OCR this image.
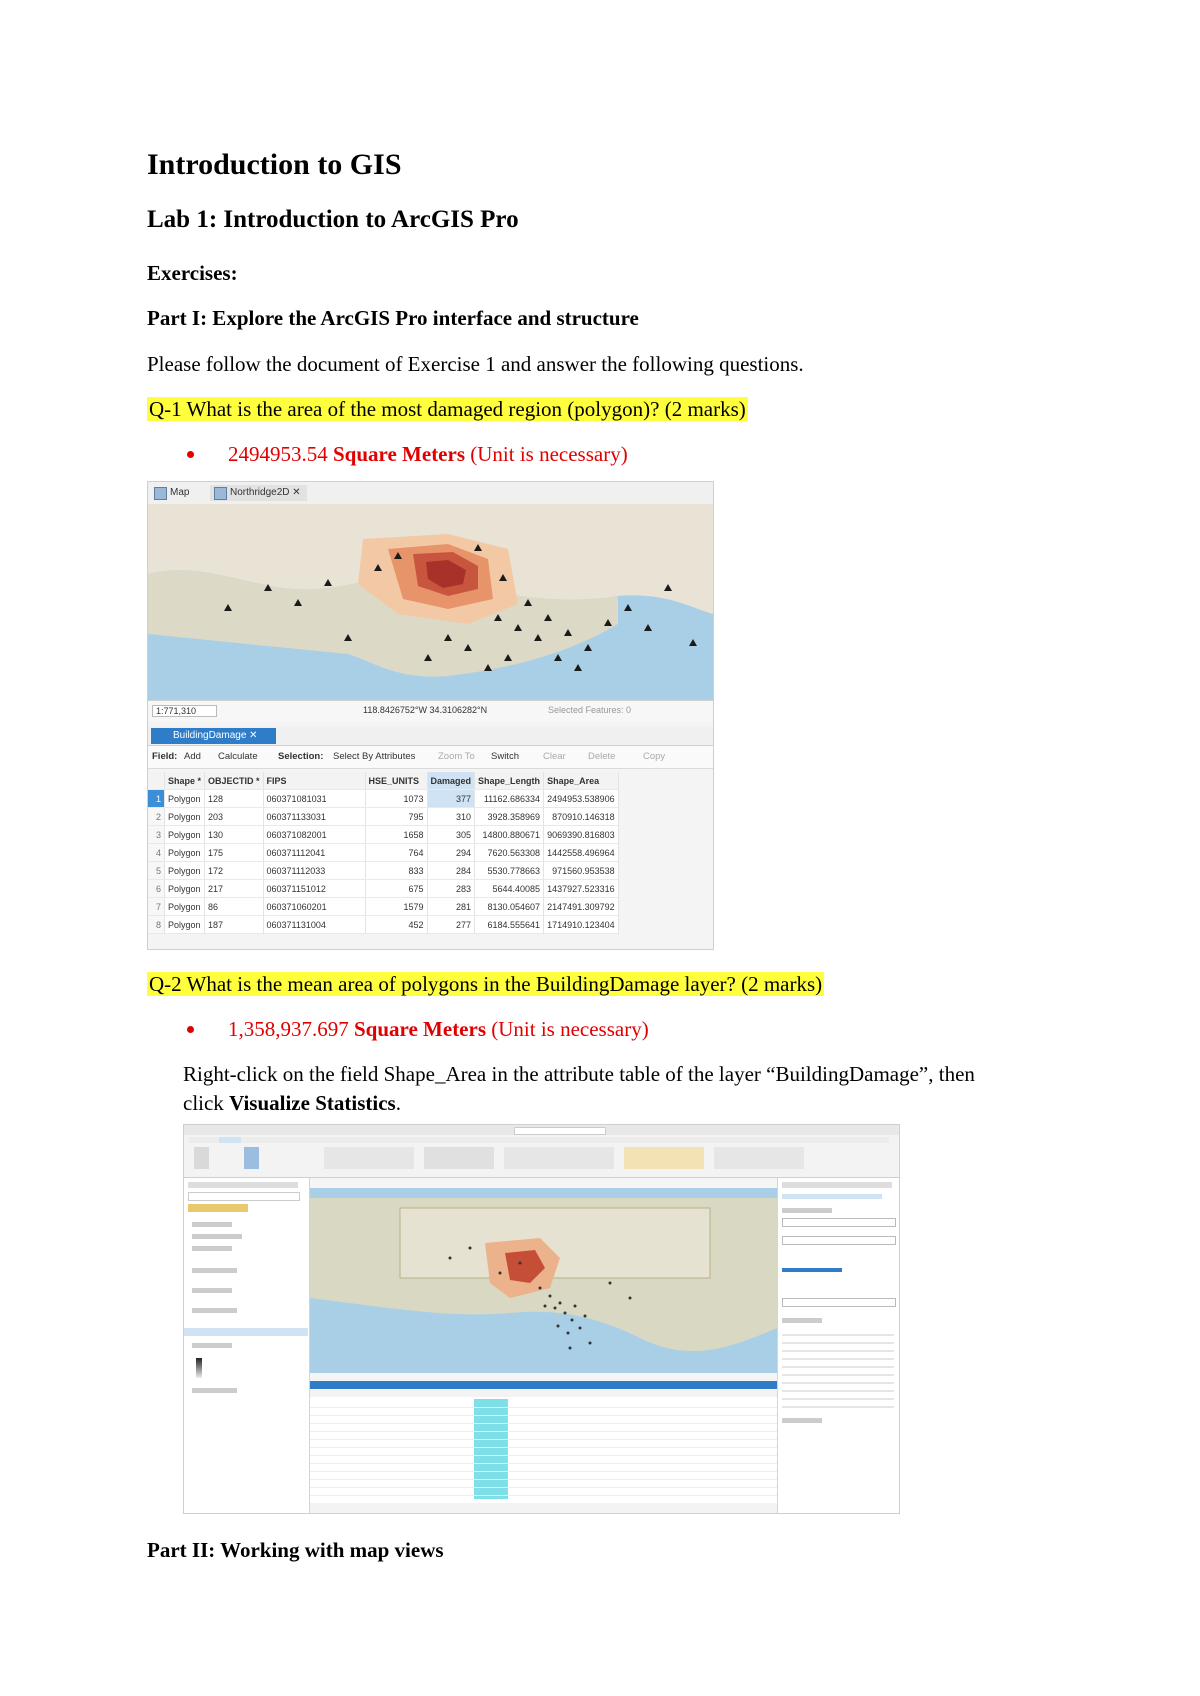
Introduction to GIS
Lab 1: Introduction to ArcGIS Pro
Exercises:
Part I: Explore the ArcGIS Pro interface and structure
Please follow the document of Exercise 1 and answer the following questions.
Q-1 What is the area of the most damaged region (polygon)? (2 marks)
2494953.54 Square Meters (Unit is necessary)
Map	Northridge2D ✕
1:771,310	118.8426752°W 34.3106282°N	Selected Features: 0
BuildingDamage ✕
Field: Add Calculate Selection: Select By Attributes Zoom To Switch	Clear Delete	Copy
	Shape *	OBJECTID *	FIPS	HSE_UNITS	Damaged	Shape_Length	Shape_Area
1	Polygon	128	060371081031	1073	377	11162.686334	2494953.538906
2	Polygon	203	060371133031	795	310	3928.358969	870910.146318
3	Polygon	130	060371082001	1658	305	14800.880671	9069390.816803
4	Polygon	175	060371112041	764	294	7620.563308	1442558.496964
5	Polygon	172	060371112033	833	284	5530.778663	971560.953538
6	Polygon	217	060371151012	675	283	5644.40085	1437927.523316
7	Polygon	86	060371060201	1579	281	8130.054607	2147491.309792
8	Polygon	187	060371131004	452	277	6184.555641	1714910.123404
Q-2 What is the mean area of polygons in the BuildingDamage layer? (2 marks)
1,358,937.697 Square Meters (Unit is necessary)
Right-click on the field Shape_Area in the attribute table of the layer “BuildingDamage”, then
click Visualize Statistics.
Part II: Working with map views
